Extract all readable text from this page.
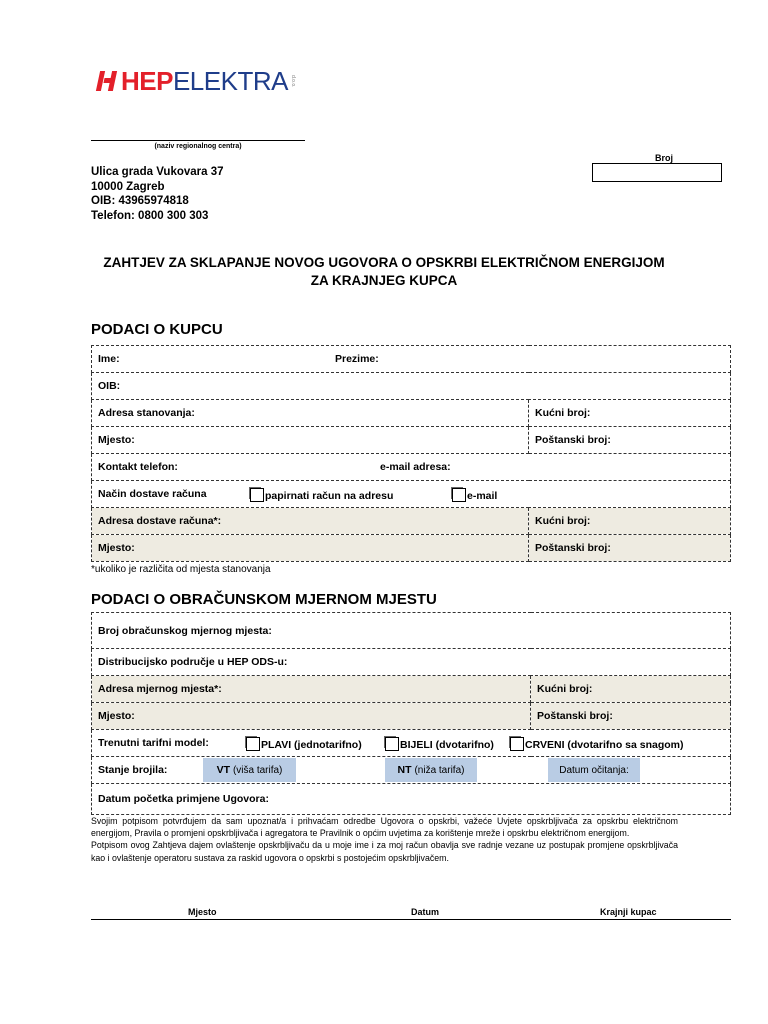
HEPELEKTRA d.o.o.
(naziv regionalnog centra)
Broj
Ulica grada Vukovara 37
10000 Zagreb
OIB: 43965974818
Telefon: 0800 300 303
ZAHTJEV ZA SKLAPANJE NOVOG UGOVORA O OPSKRBI ELEKTRIČNOM ENERGIJOM
ZA KRAJNJEG KUPCA
PODACI O KUPCU
Ime: Prezime:	

OIB:	
Adresa stanovanja:	Kućni broj:
Mjesto:	Poštanski broj:
Kontakt telefon: e-mail adresa:	

Način dostave računa papirnati račun na adresu e-mail	

Adresa dostave računa*:	Kućni broj:
Mjesto:	Poštanski broj:
*ukoliko je različita od mjesta stanovanja
PODACI O OBRAČUNSKOM MJERNOM MJESTU
Broj obračunskog mjernog mjesta:	
Distribucijsko područje u HEP ODS-u:	
Adresa mjernog mjesta*:	Kućni broj:
Mjesto:	Poštanski broj:
Trenutni tarifni model: PLAVI (jednotarifno) BIJELI (dvotarifno) CRVENI (dvotarifno sa snagom)	

Stanje brojila: VT (viša tarifa) NT (niža tarifa) Datum očitanja:	

Datum početka primjene Ugovora:	
Svojim potpisom potvrđujem da sam upoznat/a i prihvaćam odredbe Ugovora o opskrbi, važeće Uvjete opskrbljivača za opskrbu električnom energijom, Pravila o promjeni opskrbljivača i agregatora te Pravilnik o općim uvjetima za korištenje mreže i opskrbu električnom energijom.
Potpisom ovog Zahtjeva dajem ovlaštenje opskrbljivaču da u moje ime i za moj račun obavlja sve radnje vezane uz postupak promjene opskrbljivača kao i ovlaštenje operatoru sustava za raskid ugovora o opskrbi s postojećim opskrbljivačem.
Mjesto	Datum	Krajnji kupac
